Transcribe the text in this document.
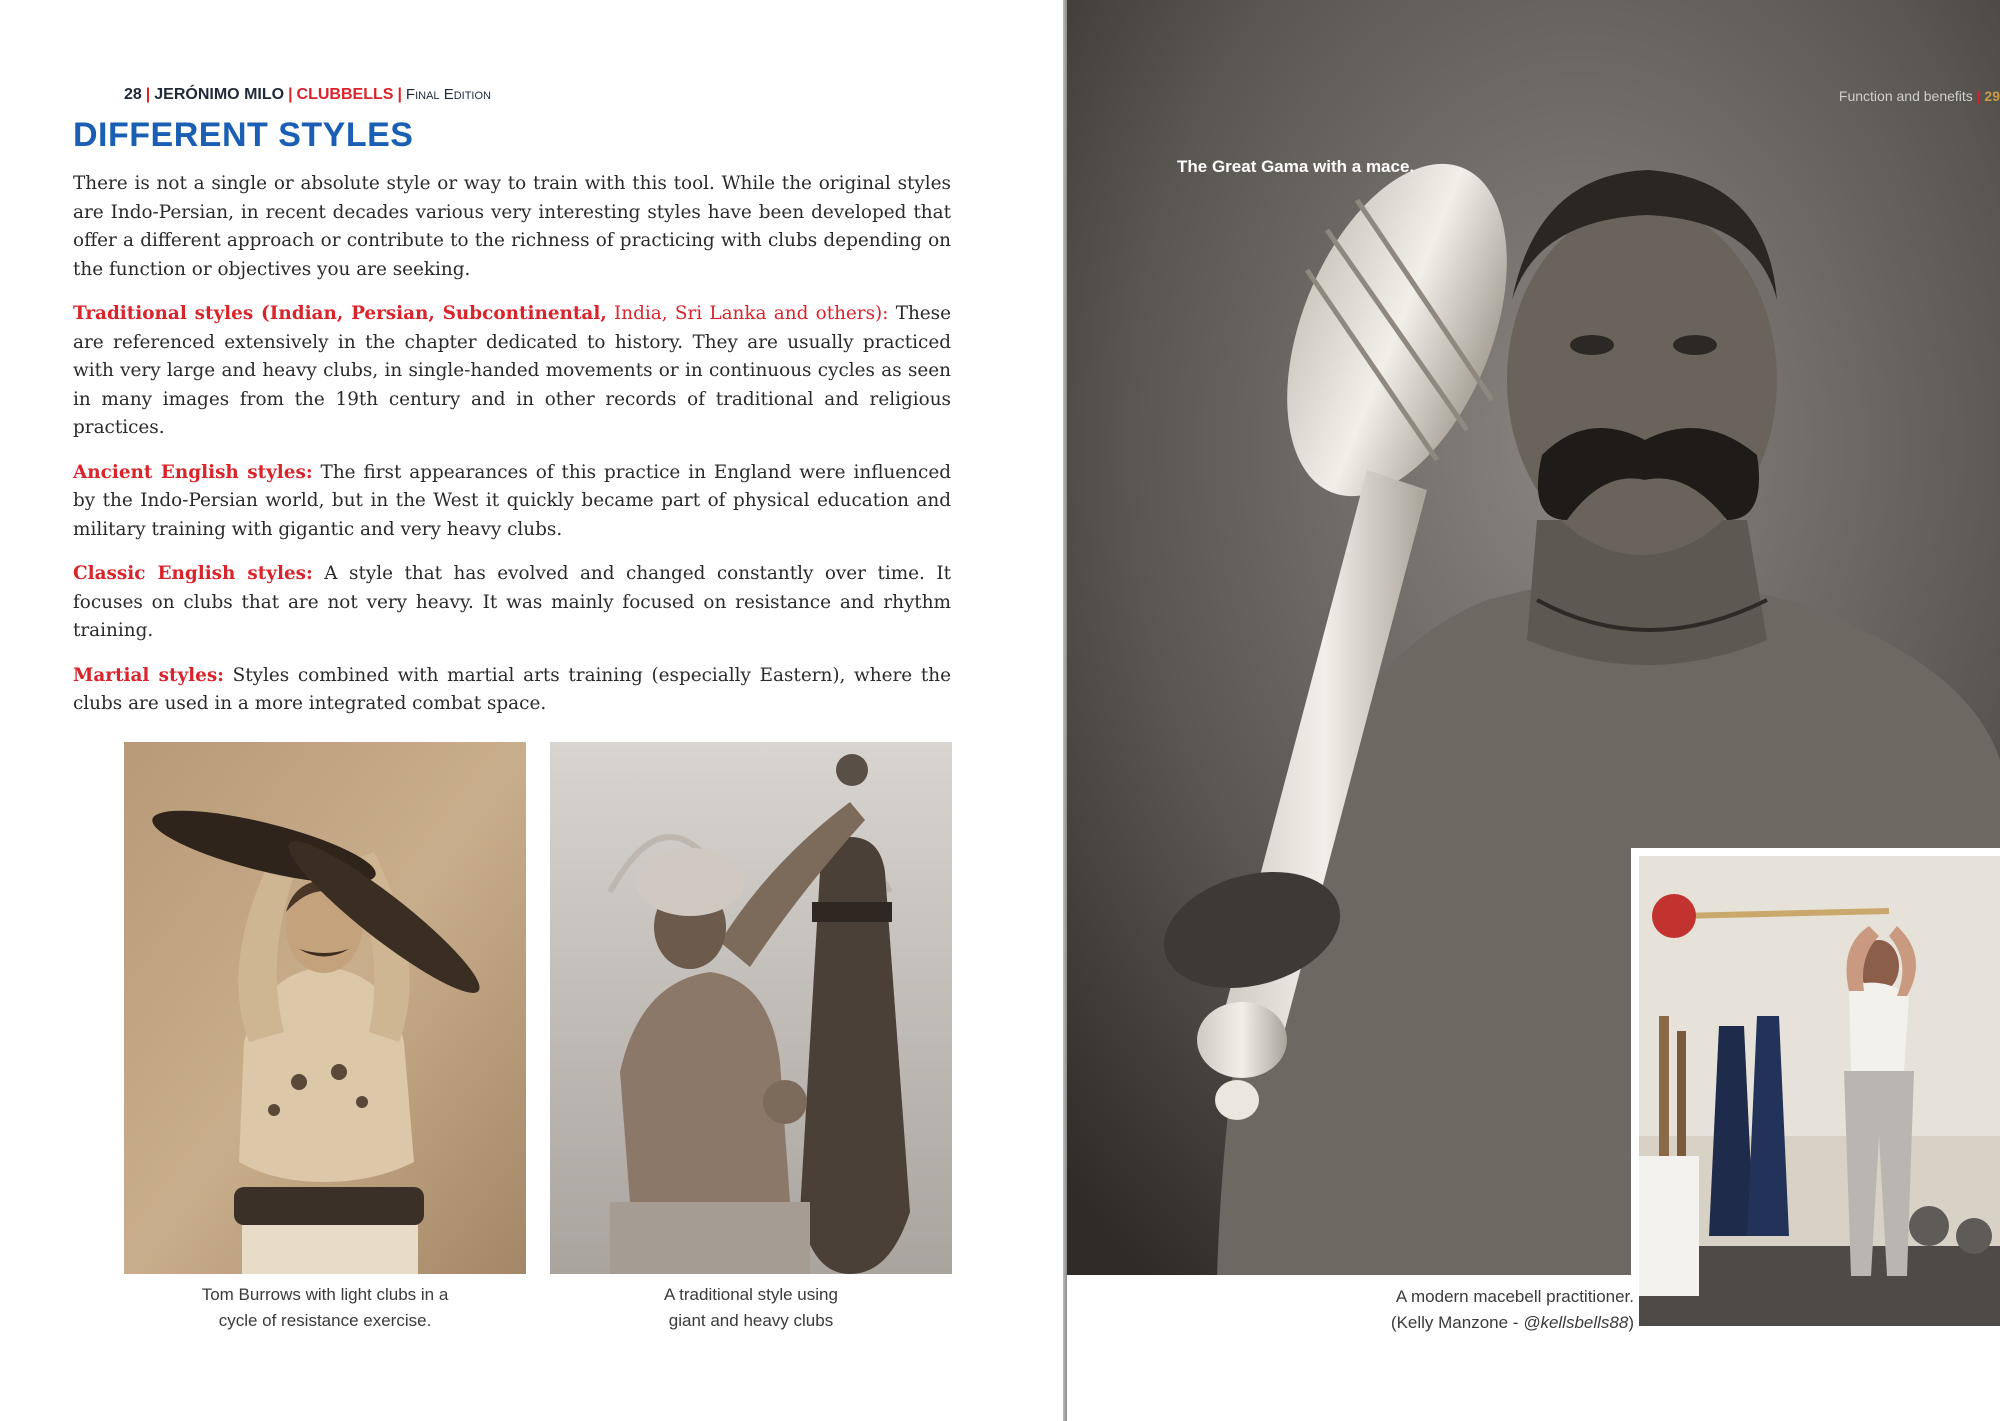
28 | JERÓNIMO MILO | CLUBBELLS | Final Edition
DIFFERENT STYLES

There is not a single or absolute style or way to train with this tool. While the original styles are Indo-Persian, in recent decades various very interesting styles have been developed that offer a different approach or contribute to the richness of practicing with clubs depending on the function or objectives you are seeking.

Traditional styles (Indian, Persian, Subcontinental, India, Sri Lanka and others): These are referenced extensively in the chapter dedicated to history. They are usually practiced with very large and heavy clubs, in single-handed movements or in continuous cycles as seen in many images from the 19th century and in other records of traditional and religious practices.

Ancient English styles: The first appearances of this practice in England were influenced by the Indo-Persian world, but in the West it quickly became part of physical education and military training with gigantic and very heavy clubs.

Classic English styles: A style that has evolved and changed constantly over time. It focuses on clubs that are not very heavy. It was mainly focused on resistance and rhythm training.

Martial styles: Styles combined with martial arts training (especially Eastern), where the clubs are used in a more integrated combat space.

Tom Burrows with light clubs in a
cycle of resistance exercise.
A traditional style using
giant and heavy clubs
Function and benefits | 29
The Great Gama with a mace.
A modern macebell practitioner.
(Kelly Manzone - @kellsbells88)
